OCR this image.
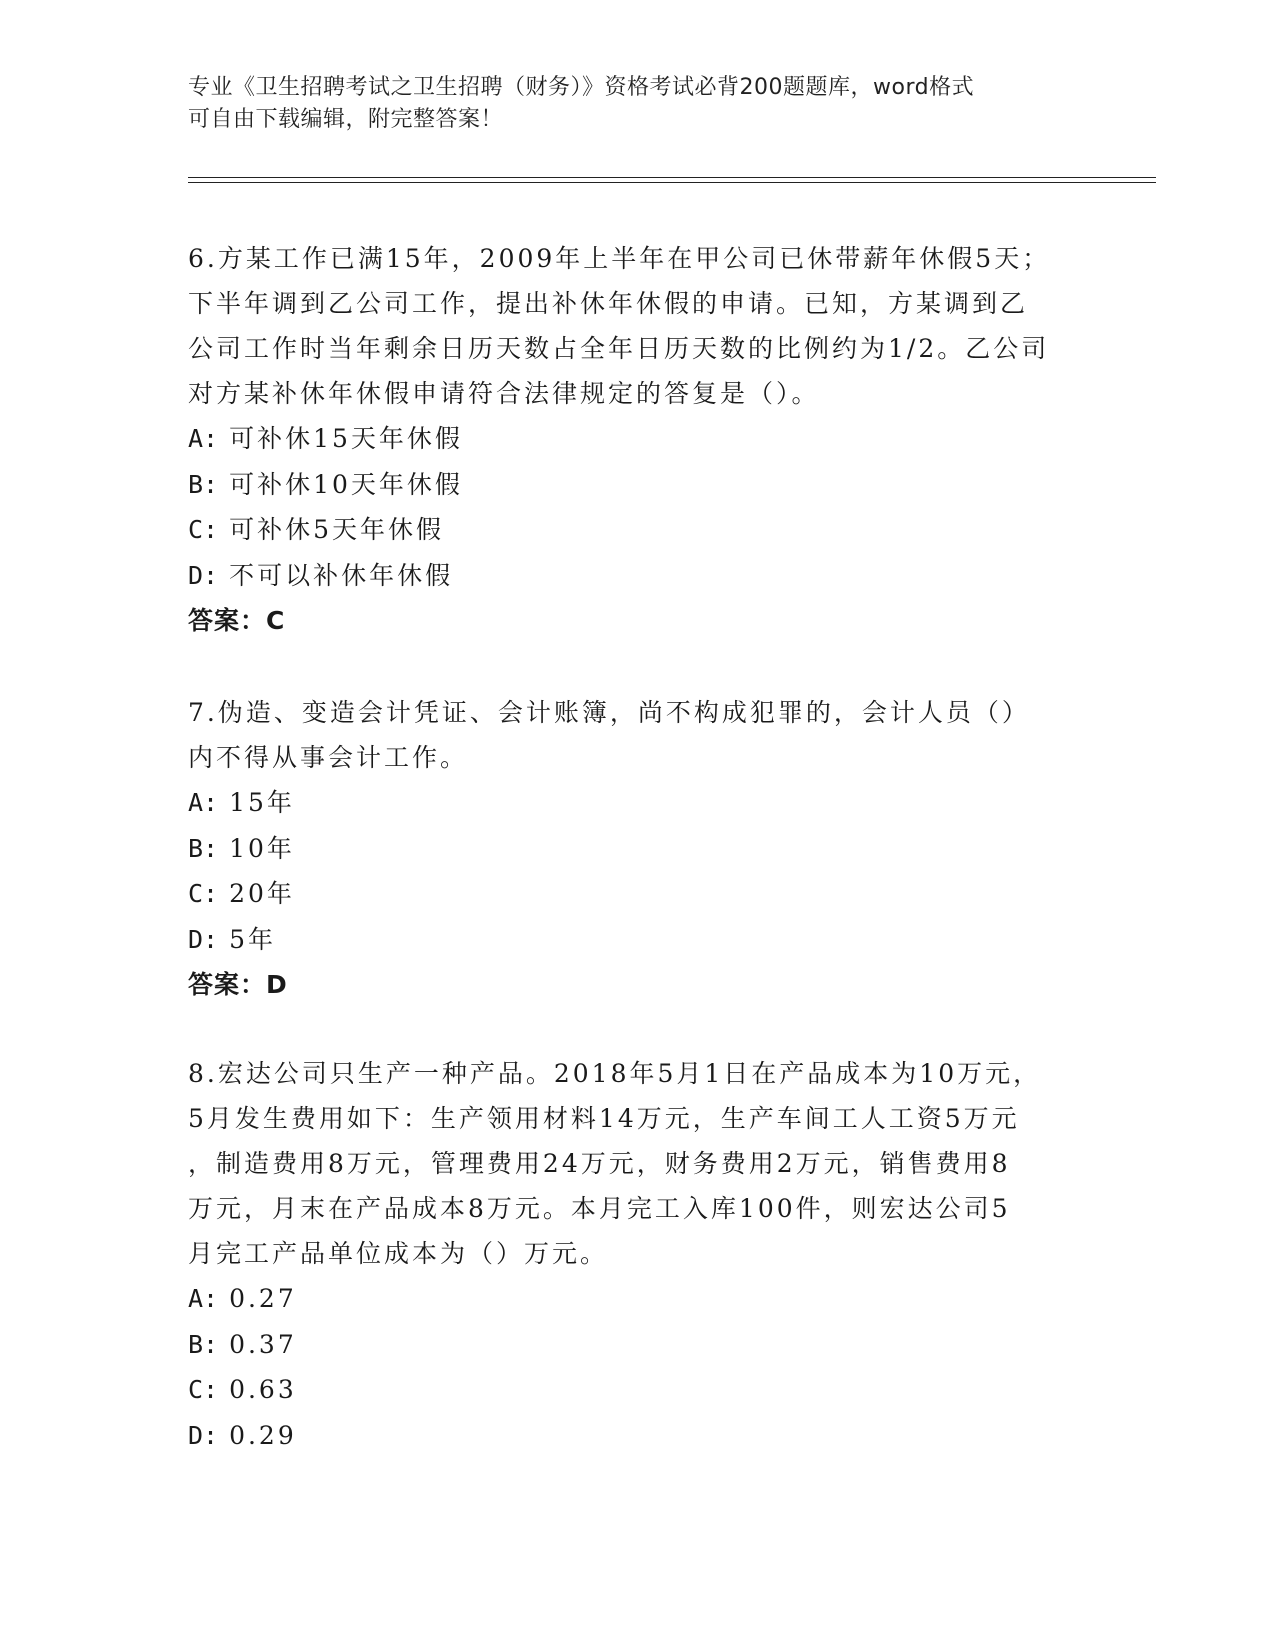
专业《卫生招聘考试之卫生招聘（财务）》资格考试必背200题题库，word格式
可自由下载编辑，附完整答案！
6.方某工作已满15年，2009年上半年在甲公司已休带薪年休假5天；
下半年调到乙公司工作，提出补休年休假的申请。已知，方某调到乙
公司工作时当年剩余日历天数占全年日历天数的比例约为1/2。乙公司
对方某补休年休假申请符合法律规定的答复是（）。
A: 可补休15天年休假
B: 可补休10天年休假
C: 可补休5天年休假
D: 不可以补休年休假
答案：C
7.伪造、变造会计凭证、会计账簿，尚不构成犯罪的，会计人员（）
内不得从事会计工作。
A: 15年
B: 10年
C: 20年
D: 5年
答案：D
8.宏达公司只生产一种产品。2018年5月1日在产品成本为10万元，
5月发生费用如下：生产领用材料14万元，生产车间工人工资5万元
，制造费用8万元，管理费用24万元，财务费用2万元，销售费用8
万元，月末在产品成本8万元。本月完工入库100件，则宏达公司5
月完工产品单位成本为（）万元。
A: 0.27
B: 0.37
C: 0.63
D: 0.29
